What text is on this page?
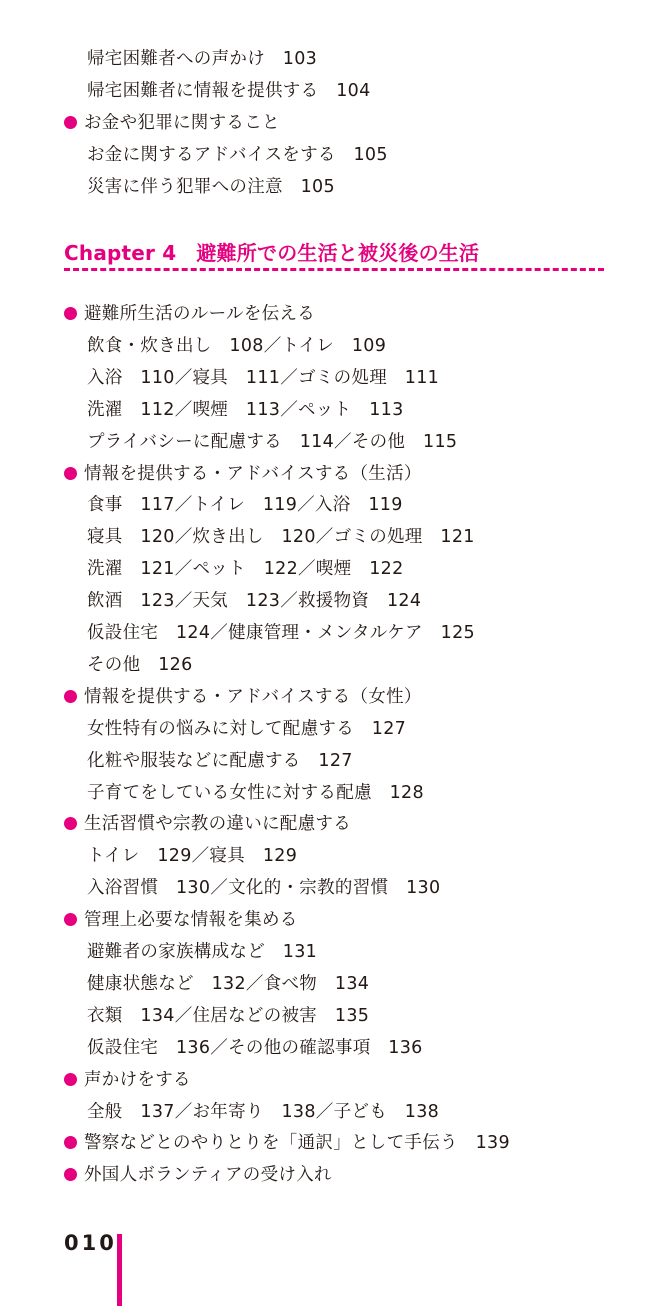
帰宅困難者への声かけ　103
帰宅困難者に情報を提供する　104
お金や犯罪に関すること
お金に関するアドバイスをする　105
災害に伴う犯罪への注意　105
避難所生活のルールを伝える
飲食・炊き出し　108／トイレ　109
入浴　110／寝具　111／ゴミの処理　111
洗濯　112／喫煙　113／ペット　113
プライバシーに配慮する　114／その他　115
情報を提供する・アドバイスする（生活）
食事　117／トイレ　119／入浴　119
寝具　120／炊き出し　120／ゴミの処理　121
洗濯　121／ペット　122／喫煙　122
飲酒　123／天気　123／救援物資　124
仮設住宅　124／健康管理・メンタルケア　125
その他　126
情報を提供する・アドバイスする（女性）
女性特有の悩みに対して配慮する　127
化粧や服装などに配慮する　127
子育てをしている女性に対する配慮　128
生活習慣や宗教の違いに配慮する
トイレ　129／寝具　129
入浴習慣　130／文化的・宗教的習慣　130
管理上必要な情報を集める
避難者の家族構成など　131
健康状態など　132／食べ物　134
衣類　134／住居などの被害　135
仮設住宅　136／その他の確認事項　136
声かけをする
全般　137／お年寄り　138／子ども　138
警察などとのやりとりを「通訳」として手伝う　139
外国人ボランティアの受け入れ
Chapter 4 避難所での生活と被災後の生活
010
